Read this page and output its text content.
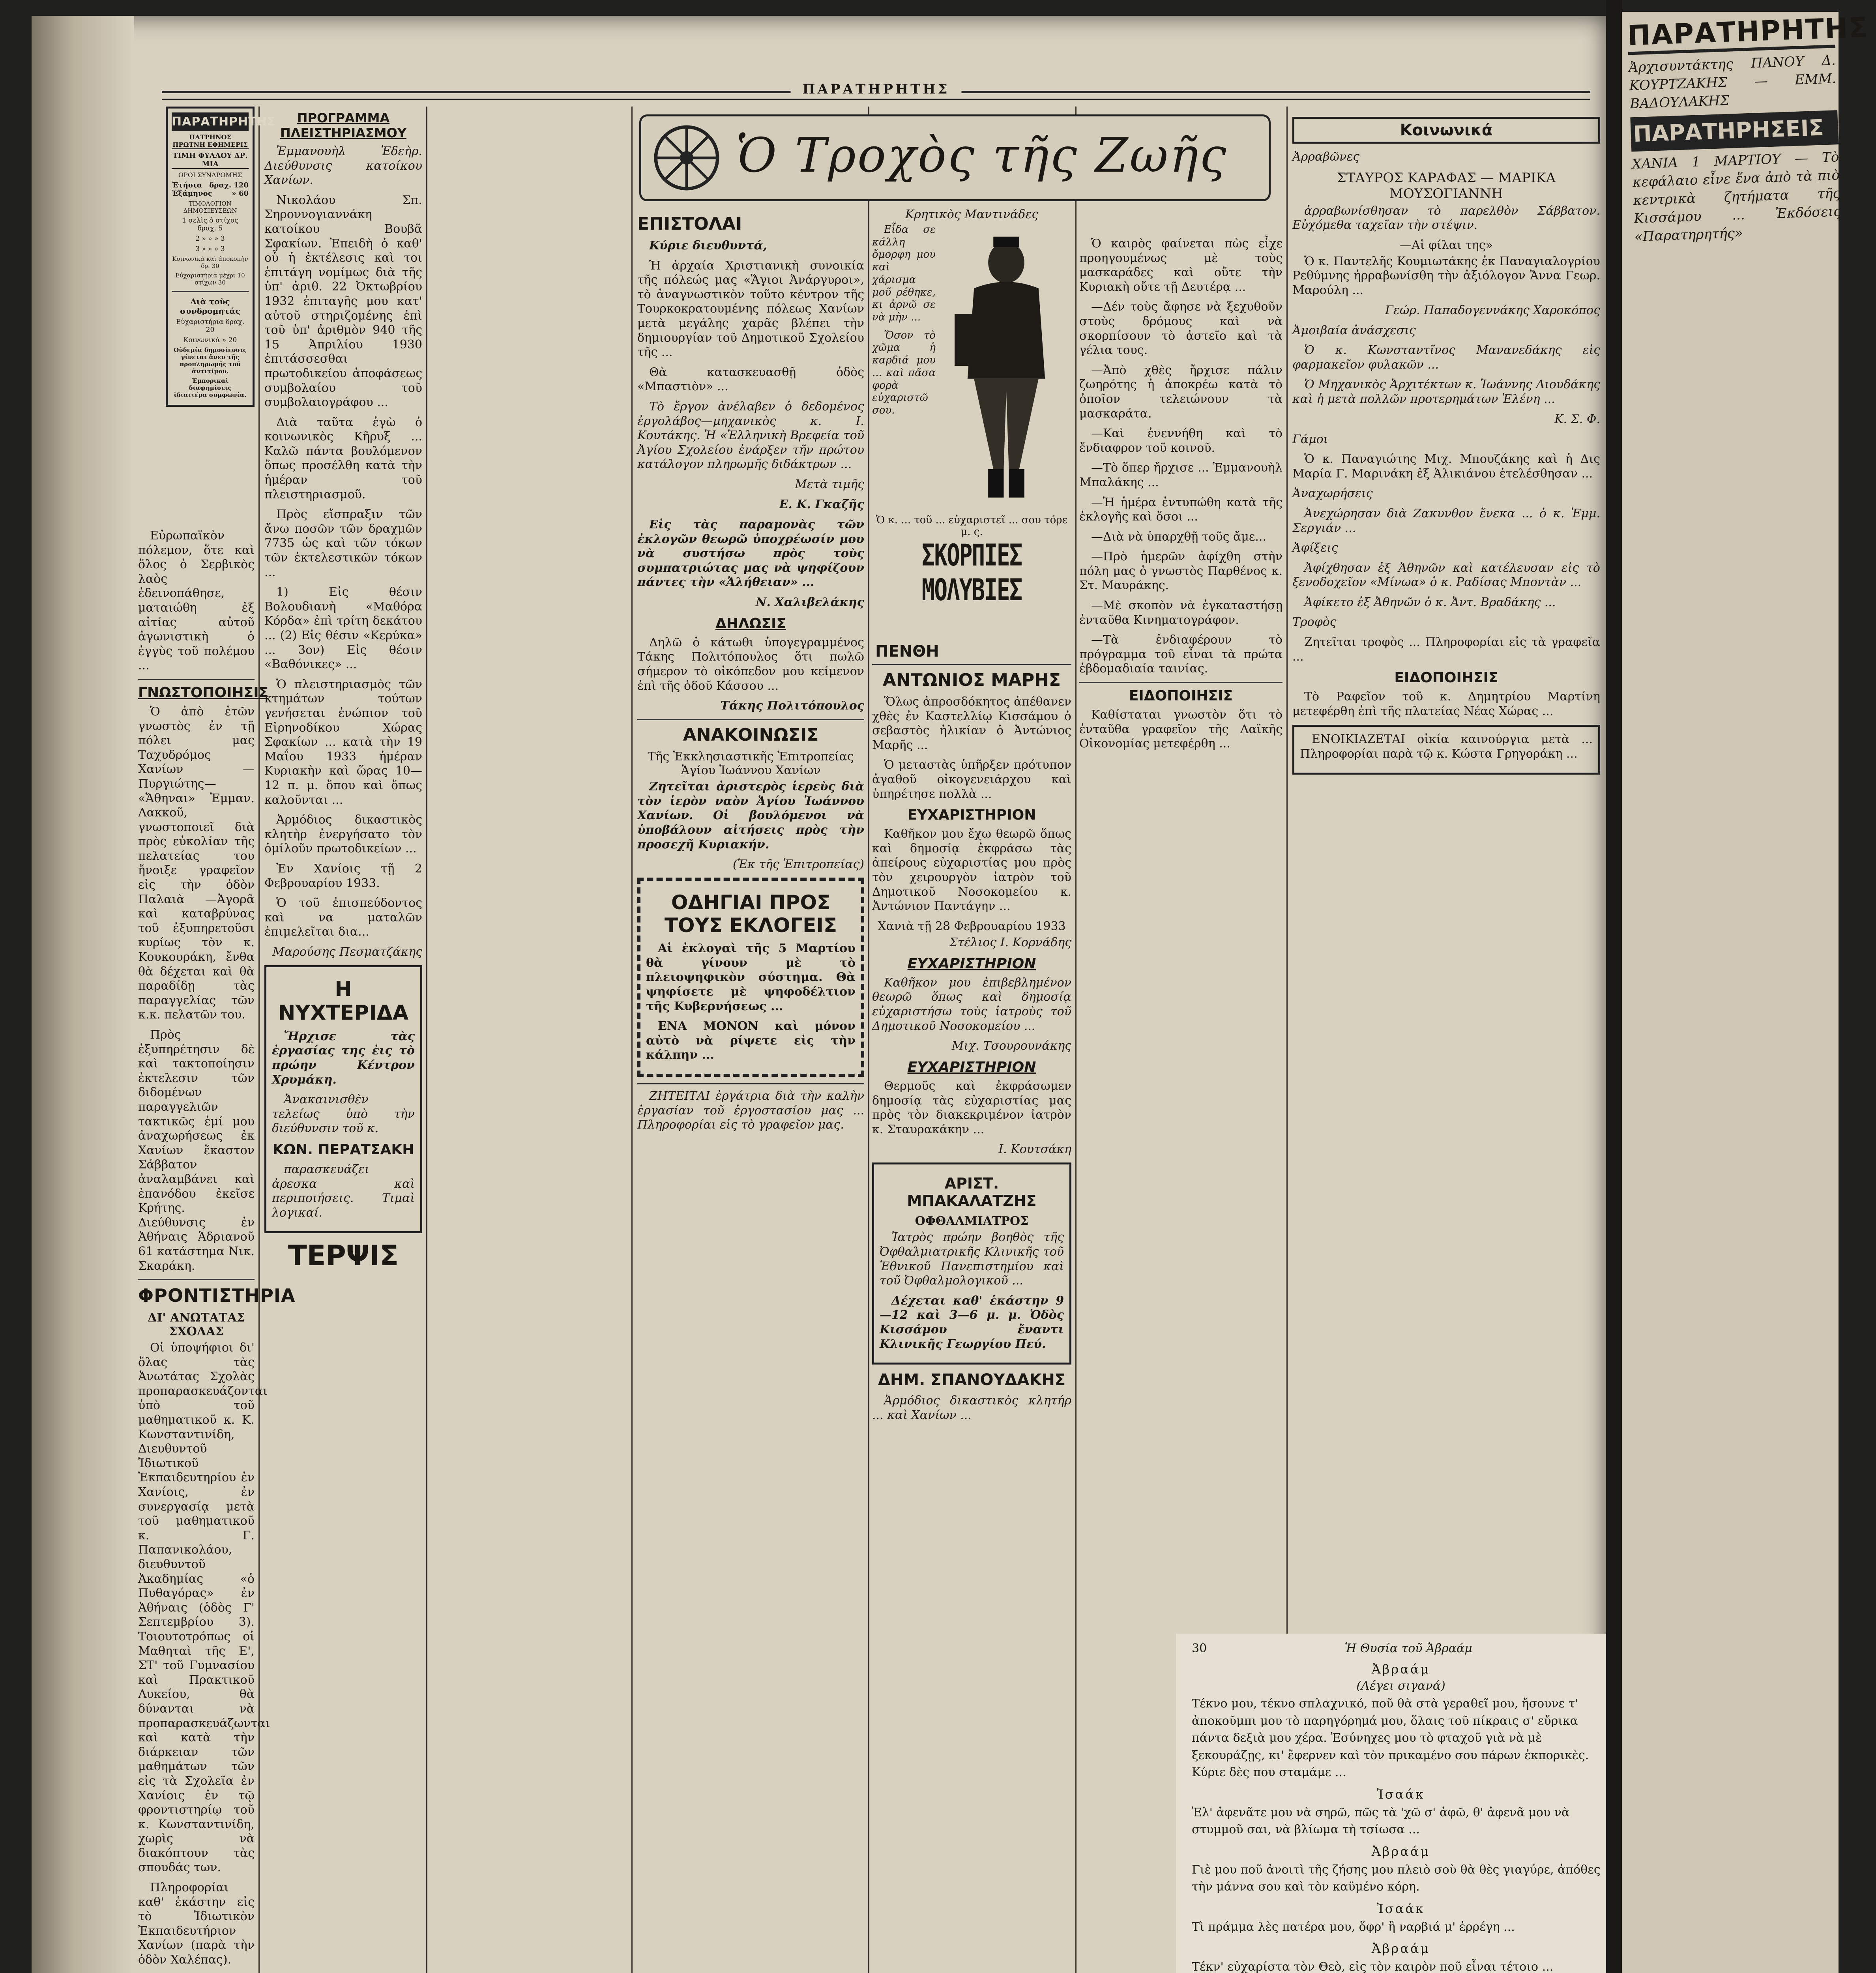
ΠΑΡΑΤΗΡΗΤΗΣ
ΠΑΡΑΤΗΡΗΤΗΣ
ΠΑΤΡΗΝΟΣ ΠΡΩΤΝΗ ΕΦΗΜΕΡΙΣ
ΤΙΜΗ ΦΥΛΛΟΥ ΔΡ. ΜΙΑ
ΟΡΟΙ ΣΥΝΔΡΟΜΗΣ
Ἐτήσια δραχ. 120
Ἑξάμηνος	» 60
ΤΙΜΟΛΟΓΙΟΝ ΔΗΜΟΣΙΕΥΣΕΩΝ
1 σελὶς ὁ στίχος δραχ. 5
2 » » » 3
3 » » » 3
Κοινωνικὰ καὶ ἀποκοπὴν δρ. 30
Εὐχαριστήρια μέχρι 10 στίχων 30
Διὰ τοὺς συνδρομητάς
Εὐχαριστήρια δραχ. 20
Κοινωνικὰ » 20
Οὐδεμία δημοσίευσις γίνεται ἄνευ τῆς προπληρωμῆς τοῦ ἀντιτίμου.
Ἐμπορικαὶ διαφημίσεις ἰδιαιτέρα συμφωνία.

Εὐρωπαϊκὸν πόλεμον, ὅτε καὶ ὅλος ὁ Σερβικὸς λαὸς ἐδεινοπάθησε, ματαιώθη ἐξ αἰτίας αὐτοῦ ἀγωνιστικὴ ὁ ἐγγὺς τοῦ πολέμου ...

ΓΝΩΣΤΟΠΟΙΗΣΙΣ

Ὁ ἀπὸ ἐτῶν γνωστὸς ἐν τῇ πόλει μας Ταχυδρόμος Χανίων —Πυργιώτης— «Ἄθηναι» Ἐμμαν. Λακκοῦ, γνωστοποιεῖ διὰ πρὸς εὐκολίαν τῆς πελατείας του ἤνοιξε γραφεῖον εἰς τὴν ὁδὸν Παλαιὰ —Ἀγορᾶ καὶ καταβρύνας τοῦ ἐξυπηρετοῦσι κυρίως τὸν κ. Κουκουράκη, ἔνθα θὰ δέχεται καὶ θὰ παραδίδῃ τὰς παραγγελίας τῶν κ.κ. πελατῶν του.

Πρὸς ἐξυπηρέτησιν δὲ καὶ τακτοποίησιν ἐκτελεσιν τῶν διδομένων παραγγελιῶν τακτικῶς ἐμί μου ἀναχωρήσεως ἐκ Χανίων ἕκαστον Σάββατον ἀναλαμβάνει καὶ ἐπανόδου ἐκεῖσε Κρήτης. Διεύθυνσις ἐν Ἀθήναις Ἁδριανοῦ 61 κατάστημα Νικ. Σκαράκη.

ΦΡΟΝΤΙΣΤΗΡΙΑ
ΔΙ' ΑΝΩΤΑΤΑΣ ΣΧΟΛΑΣ

Οἱ ὑποψήφιοι δι' ὅλας τὰς Ἀνωτάτας Σχολὰς προπαρασκευάζονται ὑπὸ τοῦ μαθηματικοῦ κ. Κ. Κωνσταντινίδη, Διευθυντοῦ Ἰδιωτικοῦ Ἐκπαιδευτηρίου ἐν Χανίοις, ἐν συνεργασίᾳ μετὰ τοῦ μαθηματικοῦ κ. Γ. Παπανικολάου, διευθυντοῦ Ἀκαδημίας «ὁ Πυθαγόρας» ἐν Ἀθήναις (ὁδὸς Γ' Σεπτεμβρίου 3). Τοιουτοτρόπως οἱ Μαθηταὶ τῆς Ε', ΣΤ' τοῦ Γυμνασίου καὶ Πρακτικοῦ Λυκείου, θὰ δύνανται νὰ προπαρασκευάζωνται καὶ κατὰ τὴν διάρκειαν τῶν μαθημάτων τῶν εἰς τὰ Σχολεῖα ἐν Χανίοις ἐν τῷ φροντιστηρίῳ τοῦ κ. Κωνσταντινίδη, χωρὶς νὰ διακόπτουν τὰς σπουδάς των.

Πληροφορίαι καθ' ἑκάστην εἰς τὸ Ἰδιωτικὸν Ἐκπαιδευτήριον Χανίων (παρὰ τὴν ὁδὸν Χαλέπας).

ΠΡΟΓΡΑΜΜΑ ΠΛΕΙΣΤΗΡΙΑΣΜΟΥ

Ἐμμανουὴλ Ἐδεὴρ. Διεύθυνσις κατοίκου Χανίων.

Νικολάου Σπ. Σηροννογιαννάκη κατοίκου Βουβᾶ Σφακίων. Ἐπειδὴ ὁ καθ' οὗ ἡ ἐκτέλεσις καὶ τοι ἐπιτάγη νομίμως διὰ τῆς ὑπ' ἀριθ. 22 Ὀκτωβρίου 1932 ἐπιταγῆς μου κατ' αὐτοῦ στηριζομένης ἐπὶ τοῦ ὑπ' ἀριθμὸν 940 τῆς 15 Ἀπριλίου 1930 ἐπιτάσσεσθαι πρωτοδικείου ἀποφάσεως συμβολαίου τοῦ συμβολαιογράφου ...

Διὰ ταῦτα ἐγὼ ὁ κοινωνικὸς Κῆρυξ ... Καλῶ πάντα βουλόμενον ὅπως προσέλθη κατὰ τὴν ἡμέραν τοῦ πλειστηριασμοῦ.

Πρὸς εἴσπραξιν τῶν ἄνω ποσῶν τῶν δραχμῶν 7735 ὡς καὶ τῶν τόκων τῶν ἐκτελεστικῶν τόκων ...

1) Εἰς θέσιν Βολουδιανὴ «Μαθόρα Κόρδα» ἐπὶ τρίτη δεκάτου ... (2) Εἰς θέσιν «Κερύκα» ... 3ον) Εἰς θέσιν «Βαθόνικες» ...

Ὁ πλειστηριασμὸς τῶν κτημάτων τούτων γενήσεται ἐνώπιον τοῦ Εἰρηνοδίκου Χώρας Σφακίων ... κατὰ τὴν 19 Μαΐου 1933 ἡμέραν Κυριακὴν καὶ ὥρας 10—12 π. μ. ὅπου καὶ ὅπως καλοῦνται ...

Ἀρμόδιος δικαστικὸς κλητὴρ ἐνεργήσατο τὸν ὁμίλοῦν πρωτοδικείων ...

Ἐν Χανίοις τῇ 2 Φεβρουαρίου 1933.

Ὁ τοῦ ἐπισπεύδοντος καὶ να ματαλῶν ἐπιμελεῖται δια...

Μαρούσης Πεσματζάκης
Η ΝΥΧΤΕΡΙΔΑ

Ἤρχισε τὰς ἐργασίας της ἐις τὸ πρώην Κέντρον Χρυμάκη.

Ἀνακαινισθὲν τελείως ὑπὸ τὴν διεύθυνσιν τοῦ κ.

ΚΩΝ. ΠΕΡΑΤΣΑΚΗ

παρασκευάζει ἀρεσκα καὶ περιποιήσεις. Τιμαὶ λογικαί.

ΤΕΡΨΙΣ
Ὁ Τροχὸς τῆς Ζωῆς
ΕΠΙΣΤΟΛΑΙ

Κύριε διευθυντά,

Ἡ ἀρχαία Χριστιανικὴ συνοικία τῆς πόλεώς μας «Ἅγιοι Ἀνάργυροι», τὸ ἀναγνωστικὸν τοῦτο κέντρον τῆς Τουρκοκρατουμένης πόλεως Χανίων μετὰ μεγάλης χαρᾶς βλέπει τὴν δημιουργίαν τοῦ Δημοτικοῦ Σχολείου τῆς ...

Θὰ κατασκευασθῇ ὁδὸς «Μπαστιὸν» ...

Τὸ ἔργον ἀνέλαβεν ὁ δεδομένος ἐργολάβος—μηχανικὸς κ. Ι. Κουτάκης. Ἡ «Ἐλληνικὴ Βρεφεία τοῦ Ἀγίου Σχολείου ἐνάρξεν τῆν πρώτου κατάλογον πληρωμῆς διδάκτρων ...

Μετὰ τιμῆς
Ε. Κ. Γκαζῆς

Εἰς τὰς παραμονὰς τῶν ἐκλογῶν θεωρῶ ὑποχρέωσίν μου νὰ συστήσω πρὸς τοὺς συμπατριώτας μας νὰ ψηφίζουν πάντες τὴν «Ἀλήθειαν» ...

Ν. Χαλιβελάκης
ΔΗΛΩΣΙΣ

Δηλῶ ὁ κάτωθι ὑπογεγραμμένος Τάκης Πολιτόπουλος ὅτι πωλῶ σήμερον τὸ οἰκόπεδον μου κείμενον ἐπὶ τῆς ὁδοῦ Κάσσου ...

Τάκης Πολιτόπουλος
ΑΝΑΚΟΙΝΩΣΙΣ
Τῆς Ἐκκλησιαστικῆς Ἐπιτροπείας Ἁγίου Ἰωάννου Χανίων

Ζητεῖται ἀριστερὸς ἱερεὺς διὰ τὸν ἱερὸν ναὸν Ἁγίου Ἰωάννου Χανίων. Οἱ βουλόμενοι νὰ ὑποβάλουν αἰτήσεις πρὸς τὴν προσεχῆ Κυριακήν.

(Ἐκ τῆς Ἐπιτροπείας)
ΟΔΗΓΙΑΙ ΠΡΟΣ ΤΟΥΣ ΕΚΛΟΓΕΙΣ

Αἱ ἐκλογαὶ τῆς 5 Μαρτίου θὰ γίνουν μὲ τὸ πλειοψηφικὸν σύστημα. Θὰ ψηφίσετε μὲ ψηφοδέλτιον τῆς Κυβερνήσεως ...

ΕΝΑ ΜΟΝΟΝ καὶ μόνον αὐτὸ νὰ ρίψετε εἰς τὴν κάλπην ...

ΖΗΤΕΙΤΑΙ ἐργάτρια διὰ τὴν καλὴν ἐργασίαν τοῦ ἐργοστασίου μας ... Πληροφορίαι εἰς τὸ γραφεῖον μας.

Κρητικὸς Μαντινάδες

Εἶδα σε κάλλη ὄμορφη μου καὶ χάρισμα μοῦ ρέθηκε, κι ἀρνῶ σε νὰ μὴν ...

Ὅσον τὸ χῶμα ἡ καρδιά μου ... καὶ πᾶσα φορὰ εὐχαριστῶ σου.

Ὁ κ. ... τοῦ ... εὐχαριστεῖ ... σου τόρε μ. ς.
ΣΚΟΡΠΙΕΣ ΜΟΛΥΒΙΕΣ
ΠΕΝΘΗ
ΑΝΤΩΝΙΟΣ ΜΑΡΗΣ

Ὅλως ἀπροσδόκητος ἀπέθανεν χθὲς ἐν Καστελλίῳ Κισσάμου ὁ σεβαστὸς ἡλικίαν ὁ Ἀντώνιος Μαρῆς ...

Ὁ μεταστὰς ὑπῆρξεν πρότυπον ἀγαθοῦ οἰκογενειάρχου καὶ ὑπηρέτησε πολλὰ ...

ΕΥΧΑΡΙΣΤΗΡΙΟΝ

Καθῆκον μου ἔχω θεωρῶ ὅπως καὶ δημοσίᾳ ἐκφράσω τὰς ἀπείρους εὐχαριστίας μου πρὸς τὸν χειρουργὸν ἰατρὸν τοῦ Δημοτικοῦ Νοσοκομείου κ. Ἀντώνιον Παντάγην ...

Χανιὰ τῇ 28 Φεβρουαρίου 1933
Στέλιος Ι. Κορνάδης
ΕΥΧΑΡΙΣΤΗΡΙΟΝ

Καθῆκον μου ἐπιβεβλημένον θεωρῶ ὅπως καὶ δημοσίᾳ εὐχαριστήσω τοὺς ἰατροὺς τοῦ Δημοτικοῦ Νοσοκομείου ...

Μιχ. Τσουρουνάκης
ΕΥΧΑΡΙΣΤΗΡΙΟΝ

Θερμοῦς καὶ ἐκφράσωμεν δημοσίᾳ τὰς εὐχαριστίας μας πρὸς τὸν διακεκριμένον ἰατρὸν κ. Σταυρακάκην ...

Ι. Κουτσάκη
ΑΡΙΣΤ. ΜΠΑΚΑΛΑΤΖΗΣ
ΟΦΘΑΛΜΙΑΤΡΟΣ

Ἰατρὸς πρώην βοηθὸς τῆς Ὀφθαλμιατρικῆς Κλινικῆς τοῦ Ἐθνικοῦ Πανεπιστημίου καὶ τοῦ Ὀφθαλμολογικοῦ ...

Δέχεται καθ' ἑκάστην 9—12 καὶ 3—6 μ. μ. Ὁδὸς Κισσάμου ἔναντι Κλινικῆς Γεωργίου Πεύ.

ΔΗΜ. ΣΠΑΝΟΥΔΑΚΗΣ

Ἁρμόδιος δικαστικὸς κλητήρ ... καὶ Χανίων ...

Ὁ καιρὸς φαίνεται πὼς εἶχε προηγουμένως μὲ τοὺς μασκαράδες καὶ οὔτε τὴν Κυριακὴ οὔτε τῇ Δευτέρᾳ ...

—Δέν τοὺς ἄφησε νὰ ξεχυθοῦν στοὺς δρόμους καὶ νὰ σκορπίσουν τὸ ἀστεῖο καὶ τὰ γέλια τους.

—Ἀπὸ χθὲς ἤρχισε πάλιν ζωηρότης ἡ ἀποκρέω κατὰ τὸ ὀποῖον τελειώνουν τὰ μασκαράτα.

—Καὶ ἐνεννήθη καὶ τὸ ἔνδιαφρον τοῦ κοινοῦ.

—Τὸ ὅπερ ἤρχισε ... Ἐμμανουὴλ Μπαλάκης ...

—Ἡ ἡμέρα ἐντυπώθη κατὰ τῆς ἐκλογῆς καὶ ὅσοι ...

—Διὰ νὰ ὑπαρχθῇ τοῦς ἄμε...

—Πρὸ ἡμερῶν ἀφίχθη στὴν πόλη μας ὁ γνωστὸς Παρθένος κ. Στ. Μαυράκης.

—Μὲ σκοπὸν νὰ ἐγκαταστήσῃ ἐνταῦθα Κινηματογράφον.

—Τὰ ἐνδιαφέρουν τὸ πρόγραμμα τοῦ εἶναι τὰ πρώτα ἐβδομαδιαία ταινίας.

ΕΙΔΟΠΟΙΗΣΙΣ

Καθίσταται γνωστὸν ὅτι τὸ ἐνταῦθα γραφεῖον τῆς Λαϊκῆς Οἰκονομίας μετεφέρθη ...

Κοινωνικά

Ἀρραβῶνες

ΣΤΑΥΡΟΣ ΚΑΡΑΦΑΣ — ΜΑΡΙΚΑ ΜΟΥΣΟΓΙΑΝΝΗ

ἀρραβωνίσθησαν τὸ παρελθὸν Σάββατον. Εὐχόμεθα ταχεῖαν τὴν στέψιν.

—Αἱ φίλαι της»

Ὁ κ. Παντελῆς Κουμιωτάκης ἐκ Παναγιαλογρίου Ρεθύμνης ἠρραβωνίσθη τὴν ἀξιόλογον Ἄννα Γεωρ. Μαρούλη ...

Γεώρ. Παπαδογεννάκης Χαροκόπος

Ἀμοιβαία ἀνάσχεσις

Ὁ κ. Κωνσταντῖνος Μανανεδάκης εἰς φαρμακεῖον φυλακῶν ...

Ὁ Μηχανικὸς Ἀρχιτέκτων κ. Ἰωάννης Λιουδάκης καὶ ἡ μετὰ πολλῶν προτερημάτων Ἑλένη ...

Κ. Σ. Φ.

Γάμοι

Ὁ κ. Παναγιώτης Μιχ. Μπουζάκης καὶ ἡ Δις Μαρία Γ. Μαρινάκη ἐξ Ἀλικιάνου ἐτελέσθησαν ...

Ἀναχωρήσεις

Ἀνεχώρησαν διὰ Ζακυνθον ἕνεκα ... ὁ κ. Ἐμμ. Σεργιάν ...

Ἀφίξεις

Ἀφίχθησαν ἐξ Ἀθηνῶν καὶ κατέλευσαν εἰς τὸ ξενοδοχεῖον «Μίνωα» ὁ κ. Ραδίσας Μποντὰν ...

Ἀφίκετο ἐξ Ἀθηνῶν ὁ κ. Ἀντ. Βραδάκης ...

Τροφὸς

Ζητεῖται τροφὸς ... Πληροφορίαι εἰς τὰ γραφεῖα ...

ΕΙΔΟΠΟΙΗΣΙΣ

Τὸ Ραφεῖον τοῦ κ. Δημητρίου Μαρτίνη μετεφέρθη ἐπὶ τῆς πλατείας Νέας Χώρας ...

ΕΝΟΙΚΙΑΖΕΤΑΙ οἰκία καινούργια μετὰ ... Πληροφορίαι παρὰ τῷ κ. Κώστα Γρηγοράκη ...

30	Ἡ Θυσία τοῦ Ἀβραάμ
Ἀβραάμ
(Λέγει σιγανά)

Τέκνο μου, τέκνο σπλαχνικό, ποῦ θὰ στὰ γεραθεῖ μου, ἤσουνε τ' ἀποκοῦμπι μου τὸ παρηγόρημά μου, ὅλαις τοῦ πίκραις σ' εὔρικα πάντα δεξιὰ μου χέρα. Ἐσύνηχες μου τὸ φταχοῦ γιὰ νὰ μὲ ξεκουράζῃς, κι' ἔφερνεν καὶ τὸν πρικαμένο σου πάρων ἐκπορικὲς. Κύριε δὲς που σταμάμε ...

Ἰσαάκ

Ἐλ' ἀφενᾶτε μου νὰ σηρῶ, πῶς τὰ 'χῶ σ' ἀφῶ, θ' ἀφενᾶ μου νὰ στυμμοῦ σαι, νὰ βλίωμα τὴ τσίωσα ...

Ἀβραάμ

Γιὲ μου ποῦ ἀνοιτὶ τῆς ζήσης μου πλειὸ σοὺ θὰ θὲς γιαγύρε, ἀπόθες τὴν μάννα σου καὶ τὸν καϋμένο κόρη.

Ἰσαάκ

Τὶ πράμμα λὲς πατέρα μου, ὅφρ' ἢ ναρβιά μ' ἐρρέγη ...

Ἀβραάμ

Τέκν' εὐχαρίστα τὸν Θεὸ, εἰς τὸν καιρὸν ποῦ εἶναι τέτοιο ...

ΠΑΡΑΤΗΡΗΤΗΣ
Ἀρχισυντάκτης ΠΑΝΟΥ Δ. ΚΟΥΡΤΖΑΚΗΣ — ΕΜΜ. ΒΑΔΟΥΛΑΚΗΣ
ΠΑΡΑΤΗΡΗΣΕΙΣ
ΧΑΝΙΑ 1 ΜΑΡΤΙΟΥ — Τὸ κεφάλαιο εἶνε ἕνα ἀπὸ τὰ πιὸ κεντρικὰ ζητήματα τῆς Κισσάμου ... Ἐκδόσεις «Παρατηρητής»
